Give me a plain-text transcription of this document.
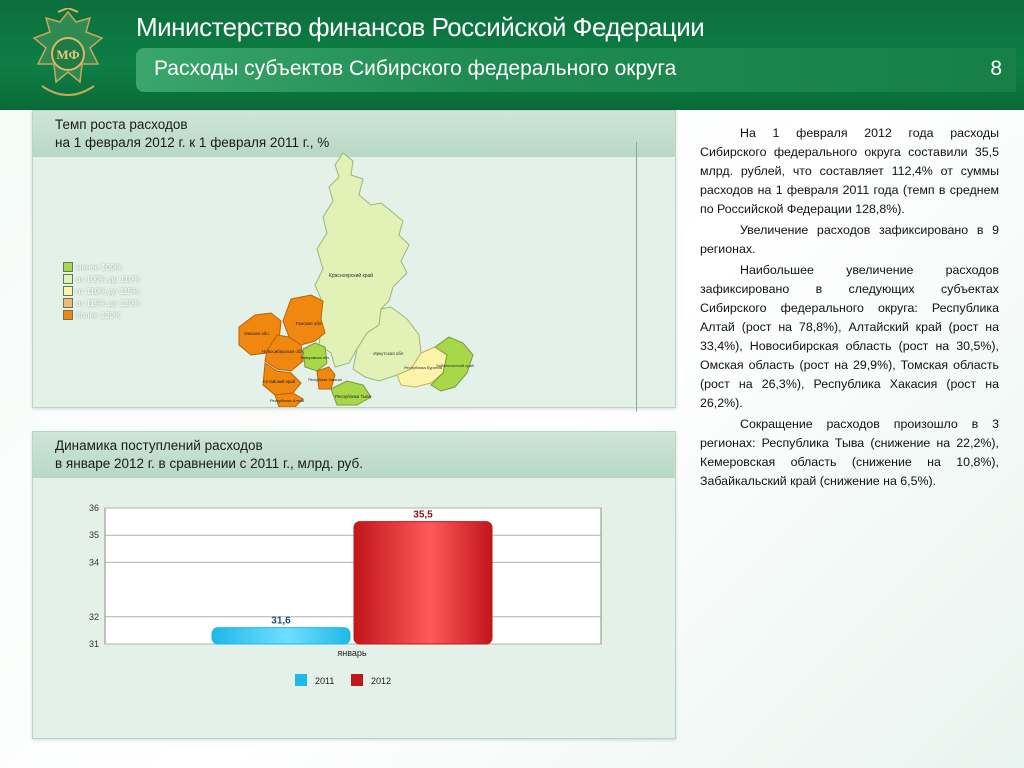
МФ
Министерство финансов Российской Федерации
Расходы субъектов Сибирского федерального округа	8
Темп роста расходов
на 1 февраля 2012 г. к 1 февраля 2011 г., %
менее 100%
от 100% до 110%
от 110% до 115%
от 115% до 120%
более 120%
Красноярский край
Томская обл.
Омская обл.
Новосибирская обл.
Кемеровская обл.
Алтайский край	Республика Хакасия
Республика Алтай
Республика Тыва
Иркутская обл.
Республика Бурятия
Забайкальский край
Динамика поступлений расходов
в январе 2012 г. в сравнении с 2011 г., млрд. руб.
31
32
34
35
36
31,6
35,5
январь
2011	2012

На 1 февраля 2012 года расходы Сибирского федерального округа составили 35,5 млрд. рублей, что составляет 112,4% от суммы расходов на 1 февраля 2011 года (темп в среднем по Российской Федерации 128,8%).

Увеличение расходов зафиксировано в 9 регионах.

Наибольшее увеличение расходов зафиксировано в следующих субъектах Сибирского федерального округа: Республика Алтай (рост на 78,8%), Алтайский край (рост на 33,4%), Новосибирская область (рост на 30,5%), Омская область (рост на 29,9%), Томская область (рост на 26,3%), Республика Хакасия (рост на 26,2%).

Сокращение расходов произошло в 3 регионах: Республика Тыва (снижение на 22,2%), Кемеровская область (снижение на 10,8%), Забайкальский край (снижение на 6,5%).
